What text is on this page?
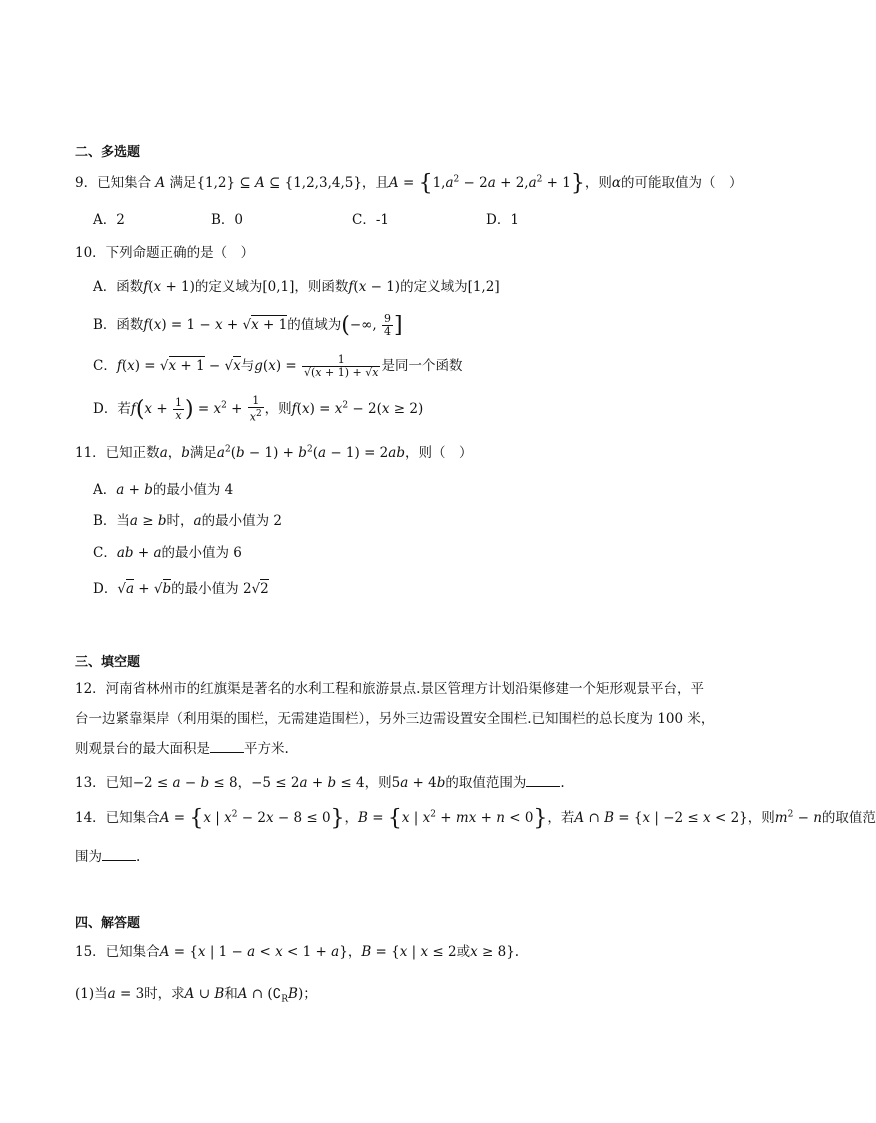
二、多选题
9．已知集合 A 满足{1,2} ⊆ A ⊆ {1,2,3,4,5}，且$A = \{1,a^2 - 2a + 2,a^2 + 1\}$，则α的可能取值为（　）
A．2	B．0	C．-1	D．1
10．下列命题正确的是（　）
A．函数f(x + 1)的定义域为[0,1]，则函数f(x − 1)的定义域为[1,2]
B．函数f(x) = 1 − x + √x + 1的值域为(−∞, $\frac{9}{4}$ ]
C．f(x) = √x + 1 − √x与$g(x) = \frac{1}{√(x + 1) + √x}$ 是同一个函数
D．若$f(x + \frac{1}{x}$ ) = $x^2 + \frac{1}{x^2}$ ，则$f(x) = x^2 - 2(x \ge 2)$
11．已知正数a，b满足$a^2(b - 1) + b^2(a - 1) = 2ab$，则（　）
A．a + b的最小值为 4
B．当a ≥ b时，a的最小值为 2
C．ab + a的最小值为 6
D．√a + √b的最小值为 2√2
三、填空题
12．河南省林州市的红旗渠是著名的水利工程和旅游景点.景区管理方计划沿渠修建一个矩形观景平台，平
台一边紧靠渠岸（利用渠的围栏，无需建造围栏），另外三边需设置安全围栏.已知围栏的总长度为 100 米，
则观景台的最大面积是	平方米.
13．已知−2 ≤ a − b ≤ 8，−5 ≤ 2a + b ≤ 4，则5a + 4b的取值范围为	.
14．已知集合A = {x | $x^2 - 2x - 8 \le 0$}，B = {x | $x^2$ + mx + n < 0}，若A ∩ B = {x | −2 ≤ x < 2}，则$m^2 - n$的取值范
围为	.
四、解答题
15．已知集合A = {x | 1 − a < x < 1 + a}，B = {x | x ≤ 2或x ≥ 8}.
(1)当a = 3时，求A ∪ B和A ∩ $(∁_RB)$；
